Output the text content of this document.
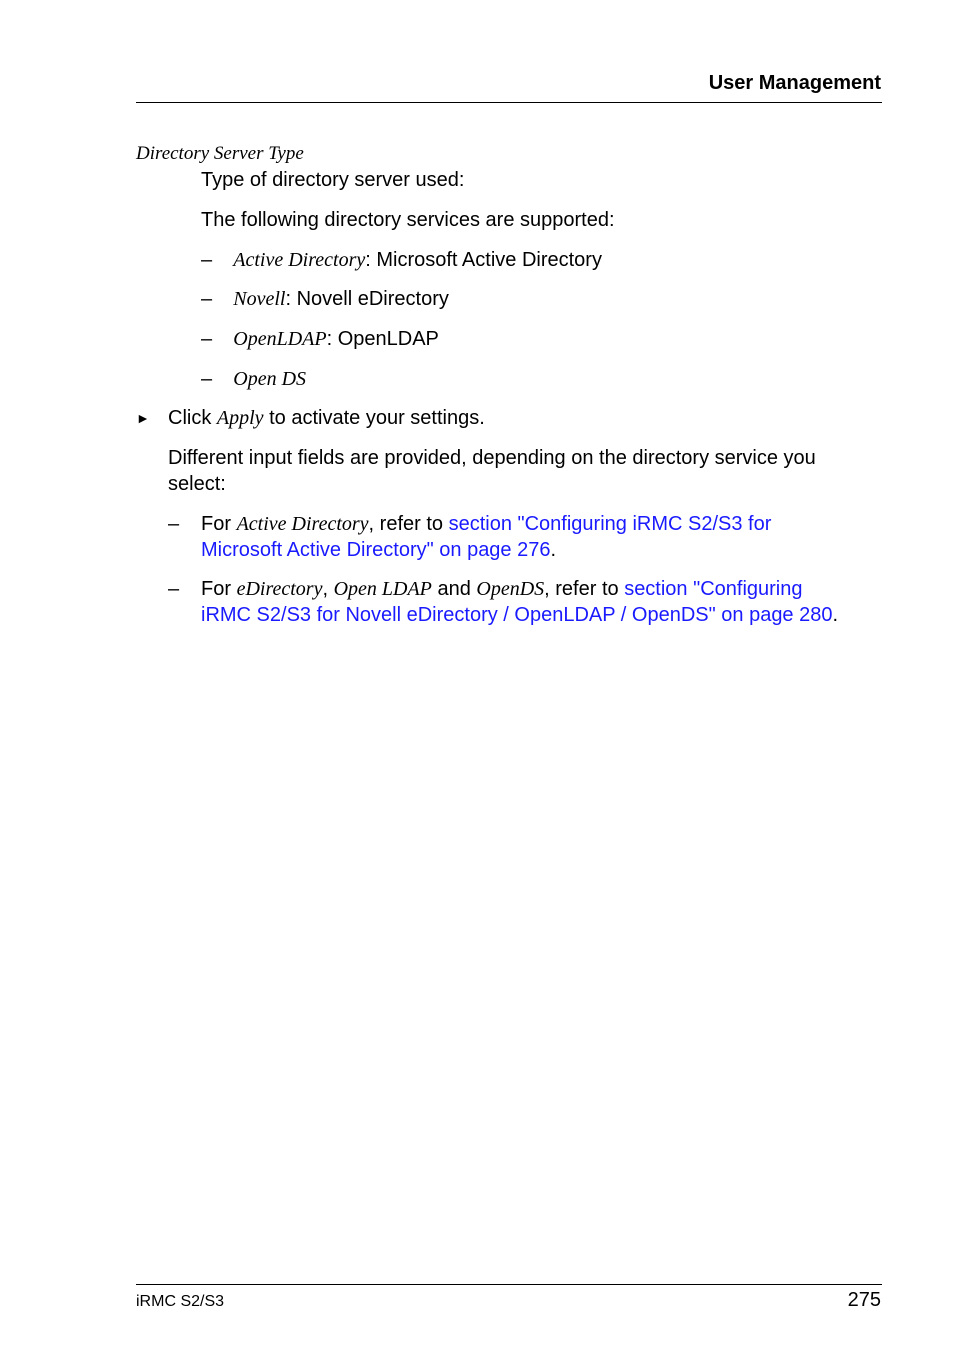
User Management
Directory Server Type
Type of directory server used:
The following directory services are supported:
– Active Directory: Microsoft Active Directory
– Novell: Novell eDirectory
– OpenLDAP: OpenLDAP
– Open DS
► Click Apply to activate your settings.
Different input fields are provided, depending on the directory service you
select:
– For Active Directory, refer to section "Configuring iRMC S2/S3 for
Microsoft Active Directory" on page 276.
– For eDirectory, Open LDAP and OpenDS, refer to section "Configuring
iRMC S2/S3 for Novell eDirectory / OpenLDAP / OpenDS" on page 280.
iRMC S2/S3	275
